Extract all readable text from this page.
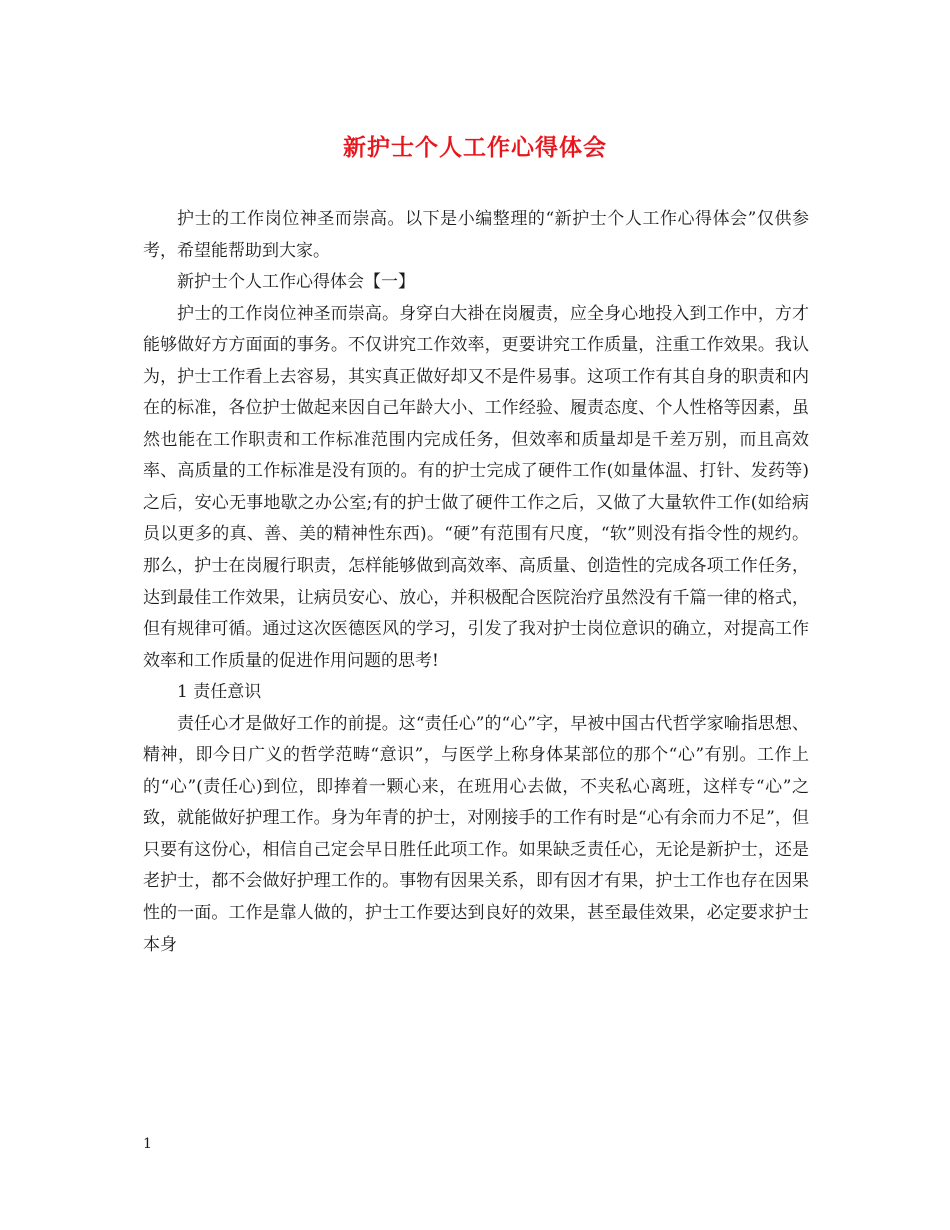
新护士个人工作心得体会

护士的工作岗位神圣而崇高。以下是小编整理的“新护士个人工作心得体会”仅供参考，希望能帮助到大家。

新护士个人工作心得体会【一】

护士的工作岗位神圣而崇高。身穿白大褂在岗履责，应全身心地投入到工作中，方才能够做好方方面面的事务。不仅讲究工作效率，更要讲究工作质量，注重工作效果。我认为，护士工作看上去容易，其实真正做好却又不是件易事。这项工作有其自身的职责和内在的标准，各位护士做起来因自己年龄大小、工作经验、履责态度、个人性格等因素，虽然也能在工作职责和工作标准范围内完成任务，但效率和质量却是千差万别，而且高效率、高质量的工作标准是没有顶的。有的护士完成了硬件工作(如量体温、打针、发药等)之后，安心无事地歇之办公室;有的护士做了硬件工作之后，又做了大量软件工作(如给病员以更多的真、善、美的精神性东西)。“硬”有范围有尺度，“软”则没有指令性的规约。那么，护士在岗履行职责，怎样能够做到高效率、高质量、创造性的完成各项工作任务，达到最佳工作效果，让病员安心、放心，并积极配合医院治疗虽然没有千篇一律的格式，但有规律可循。通过这次医德医风的学习，引发了我对护士岗位意识的确立，对提高工作效率和工作质量的促进作用问题的思考!

1 责任意识

责任心才是做好工作的前提。这“责任心”的“心”字，早被中国古代哲学家喻指思想、精神，即今日广义的哲学范畴“意识”，与医学上称身体某部位的那个“心”有别。工作上的“心”(责任心)到位，即捧着一颗心来，在班用心去做，不夹私心离班，这样专“心”之致，就能做好护理工作。身为年青的护士，对刚接手的工作有时是“心有余而力不足”，但只要有这份心，相信自己定会早日胜任此项工作。如果缺乏责任心，无论是新护士，还是老护士，都不会做好护理工作的。事物有因果关系，即有因才有果，护士工作也存在因果性的一面。工作是靠人做的，护士工作要达到良好的效果，甚至最佳效果，必定要求护士本身

1
